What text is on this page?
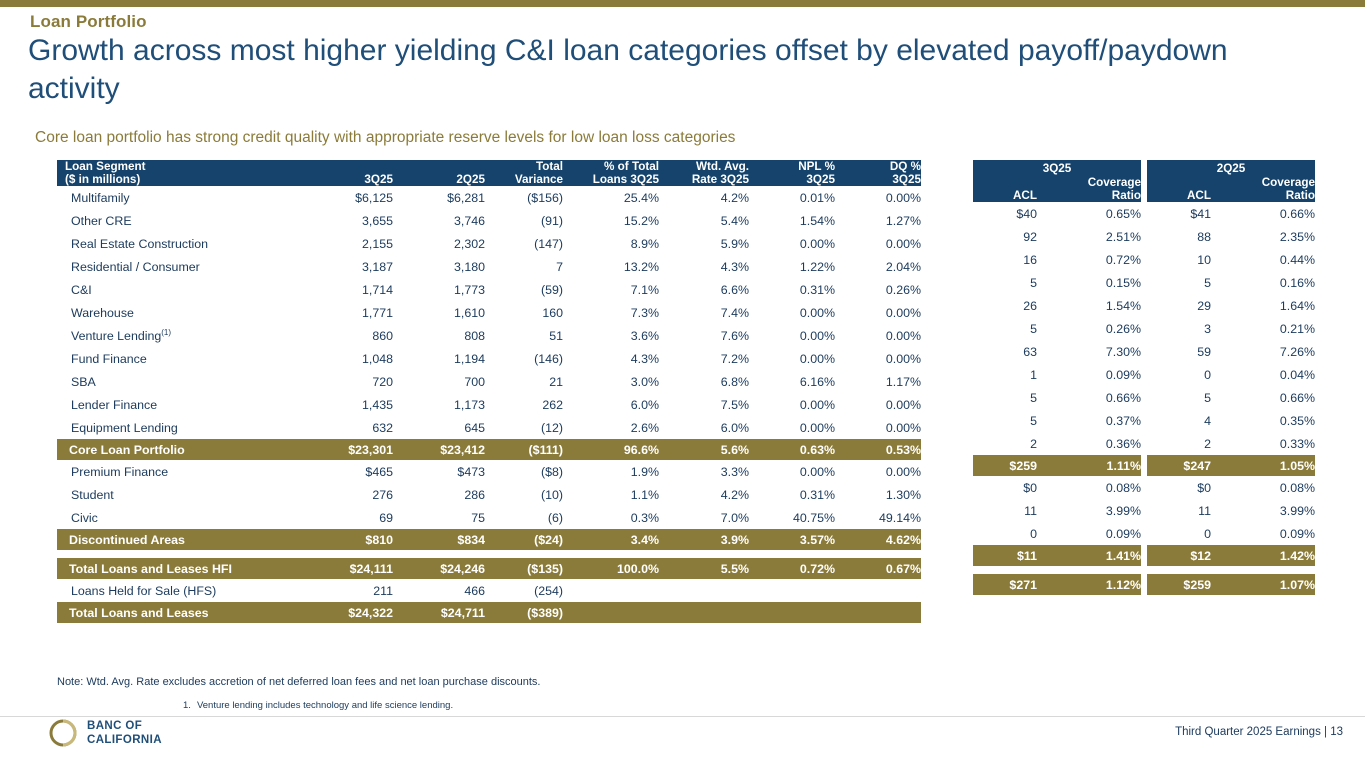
Loan Portfolio
Growth across most higher yielding C&I loan categories offset by elevated payoff/paydown activity
Core loan portfolio has strong credit quality with appropriate reserve levels for low loan loss categories
Loan Segment			Total	% of Total	Wtd. Avg.	NPL %	DQ %
($ in millions)	3Q25	2Q25	Variance	Loans 3Q25	Rate 3Q25	3Q25	3Q25
Multifamily	$6,125	$6,281	($156)	25.4%	4.2%	0.01%	0.00%
Other CRE	3,655	3,746	(91)	15.2%	5.4%	1.54%	1.27%
Real Estate Construction	2,155	2,302	(147)	8.9%	5.9%	0.00%	0.00%
Residential / Consumer	3,187	3,180	7	13.2%	4.3%	1.22%	2.04%
C&I	1,714	1,773	(59)	7.1%	6.6%	0.31%	0.26%
Warehouse	1,771	1,610	160	7.3%	7.4%	0.00%	0.00%
Venture Lending$^{(1)}$	860	808	51	3.6%	7.6%	0.00%	0.00%
Fund Finance	1,048	1,194	(146)	4.3%	7.2%	0.00%	0.00%
SBA	720	700	21	3.0%	6.8%	6.16%	1.17%
Lender Finance	1,435	1,173	262	6.0%	7.5%	0.00%	0.00%
Equipment Lending	632	645	(12)	2.6%	6.0%	0.00%	0.00%
Core Loan Portfolio	$23,301	$23,412	($111)	96.6%	5.6%	0.63%	0.53%
Premium Finance	$465	$473	($8)	1.9%	3.3%	0.00%	0.00%
Student	276	286	(10)	1.1%	4.2%	0.31%	1.30%
Civic	69	75	(6)	0.3%	7.0%	40.75%	49.14%
Discontinued Areas	$810	$834	($24)	3.4%	3.9%	3.57%	4.62%

Total Loans and Leases HFI	$24,111	$24,246	($135)	100.0%	5.5%	0.72%	0.67%
Loans Held for Sale (HFS)	211	466	(254)				
Total Loans and Leases	$24,322	$24,711	($389)				
3Q25			2Q25	
	Coverage			Coverage
ACL	Ratio		ACL	Ratio
$40	0.65%		$41	0.66%
92	2.51%		88	2.35%
16	0.72%		10	0.44%
5	0.15%		5	0.16%
26	1.54%		29	1.64%
5	0.26%		3	0.21%
63	7.30%		59	7.26%
1	0.09%		0	0.04%
5	0.66%		5	0.66%
5	0.37%		4	0.35%
2	0.36%		2	0.33%
$259	1.11%		$247	1.05%
$0	0.08%		$0	0.08%
11	3.99%		11	3.99%
0	0.09%		0	0.09%
$11	1.41%		$12	1.42%

$271	1.12%		$259	1.07%

Note: Wtd. Avg. Rate excludes accretion of net deferred loan fees and net loan purchase discounts.
1. Venture lending includes technology and life science lending.
BANC OF
CALIFORNIA
Third Quarter 2025 Earnings | 13
